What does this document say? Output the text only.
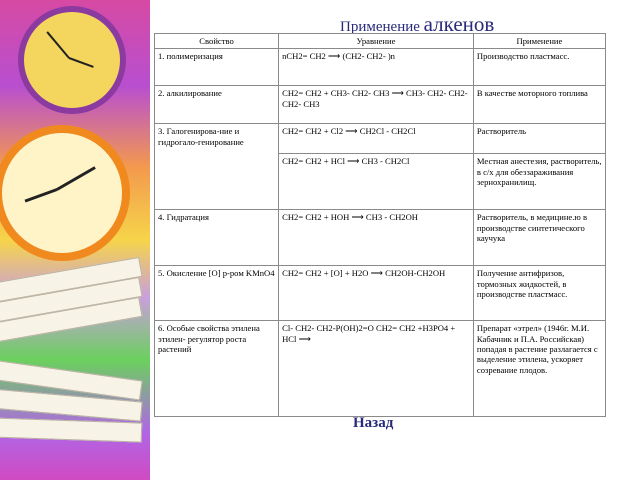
Применение алкенов
Свойство	Уравнение	Применение
1. полимеризация	nCH2= CH2 ⟶ (CH2- CH2- )n	Производство пластмасс.
2. алкилирование	CH2= CH2 + CH3- CH2- CH3 ⟶ CH3- CH2- CH2- CH2- CH3	В качестве моторного топлива
3. Галогенирова-ние и гидрогало-генирование	CH2= CH2 + Cl2 ⟶ CH2Cl - CH2Cl	Растворитель
	CH2= CH2 + HCl ⟶ CH3 - CH2Cl	Местная анестезия, растворитель, в с/х для обеззараживания зернохранилищ.
4. Гидратация	CH2= CH2 + HOH ⟶ CH3 - CH2OH	Растворитель, в медицине.ю в производстве синтетического каучука
5. Окисление [O] р-ром KMnO4	CH2= CH2 + [O] + H2O ⟶ CH2OH-CH2OH	Получение антифризов, тормозных жидкостей, в производстве пластмасс.
6. Особые свойства этилена этилен- регулятор роста растений	Cl- CH2- CH2-P(OH)2=O CH2= CH2 +H3PO4 + HCl ⟶	Препарат «этрел» (1946г. М.И. Кабачник и П.А. Российская) попадая в растение разлагается с выделение этилена, ускоряет созревание плодов.
Назад
